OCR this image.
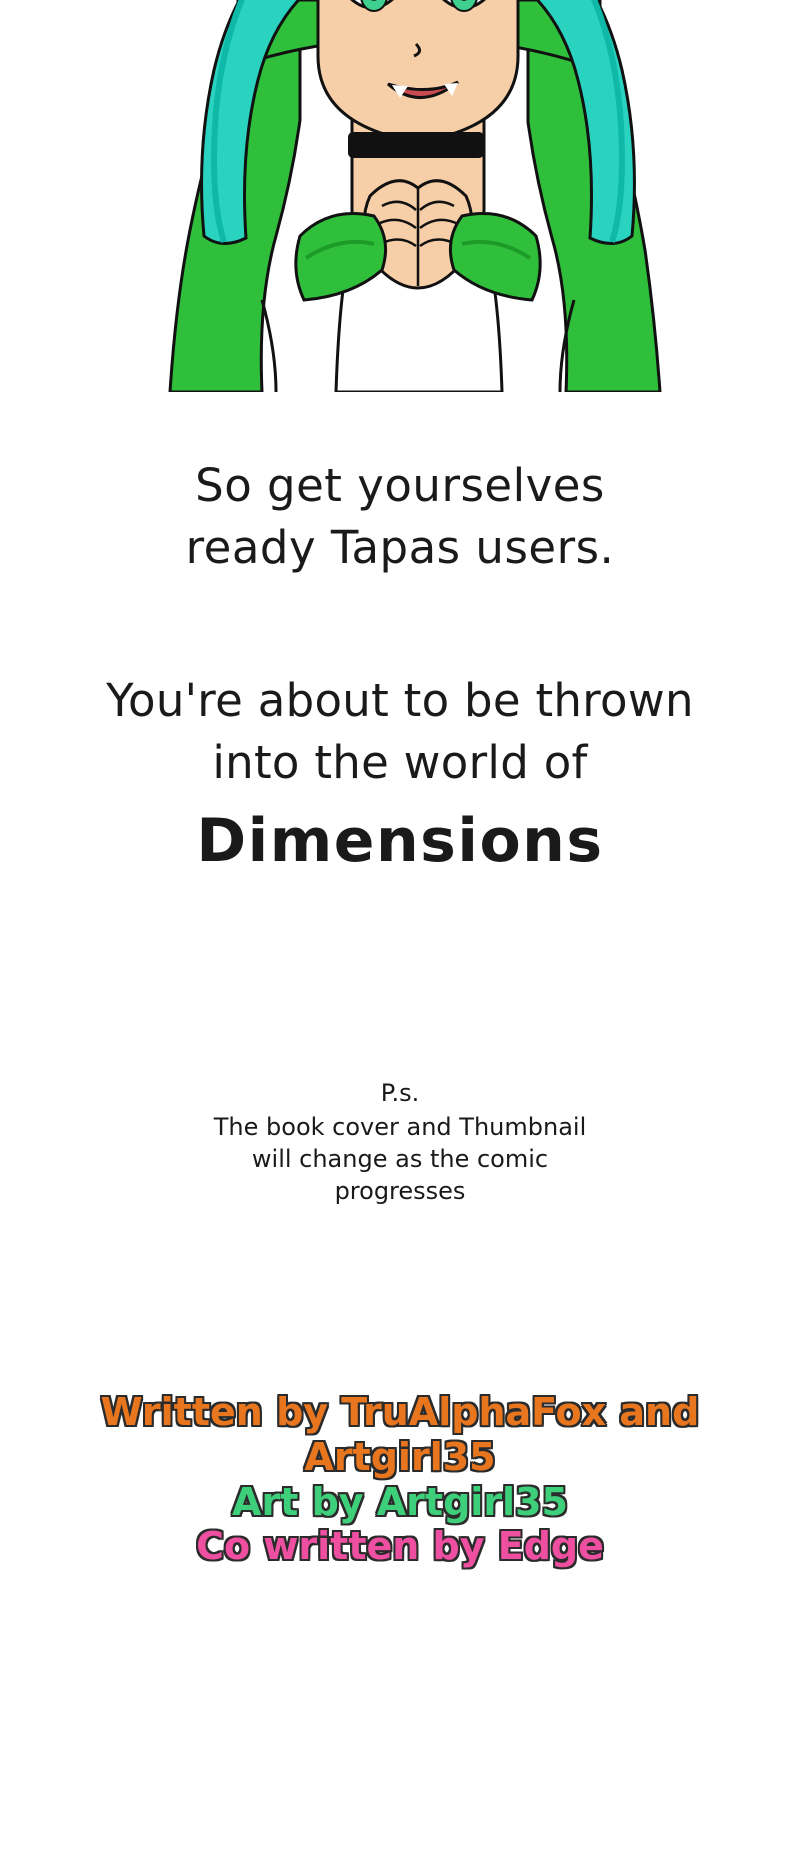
So get yourselves
ready Tapas users.
You're about to be thrown
into the world of
Dimensions
P.s.
The book cover and Thumbnail
will change as the comic
progresses
Written by TruAlphaFox and Artgirl35
Art by Artgirl35
Co written by Edge
